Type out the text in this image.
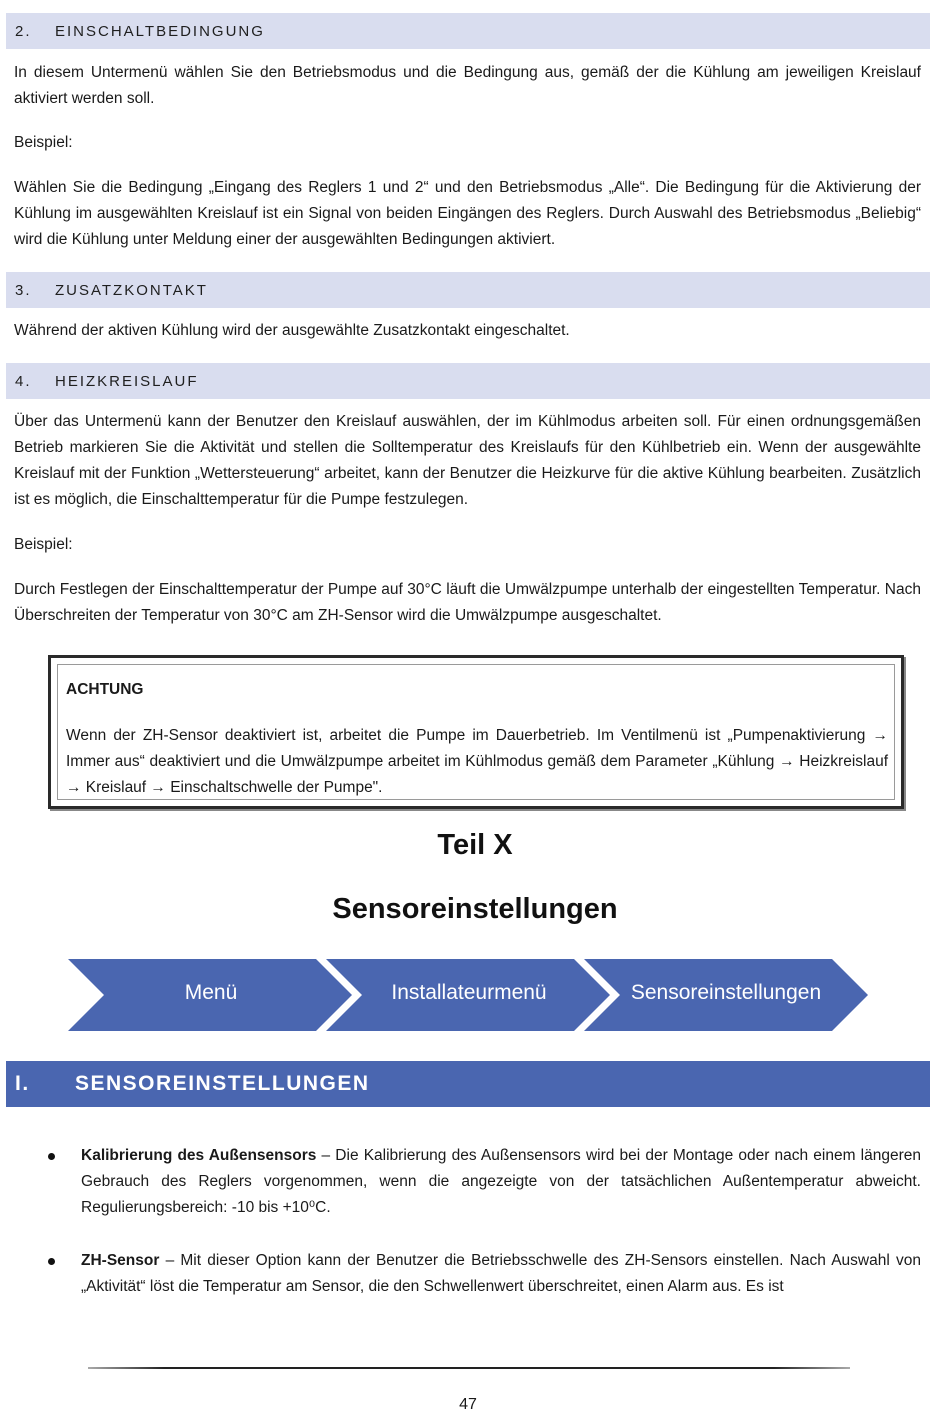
2.	EINSCHALTBEDINGUNG

In diesem Untermenü wählen Sie den Betriebsmodus und die Bedingung aus, gemäß der die Kühlung am jeweiligen Kreislauf aktiviert werden soll.

Beispiel:

Wählen Sie die Bedingung „Eingang des Reglers 1 und 2“ und den Betriebsmodus „Alle“. Die Bedingung für die Aktivierung der Kühlung im ausgewählten Kreislauf ist ein Signal von beiden Eingängen des Reglers. Durch Auswahl des Betriebsmodus „Beliebig“ wird die Kühlung unter Meldung einer der ausgewählten Bedingungen aktiviert.

3.	ZUSATZKONTAKT

Während der aktiven Kühlung wird der ausgewählte Zusatzkontakt eingeschaltet.

4.	HEIZKREISLAUF

Über das Untermenü kann der Benutzer den Kreislauf auswählen, der im Kühlmodus arbeiten soll. Für einen ordnungsgemäßen Betrieb markieren Sie die Aktivität und stellen die Solltemperatur des Kreislaufs für den Kühlbetrieb ein. Wenn der ausgewählte Kreislauf mit der Funktion „Wettersteuerung“ arbeitet, kann der Benutzer die Heizkurve für die aktive Kühlung bearbeiten. Zusätzlich ist es möglich, die Einschalttemperatur für die Pumpe festzulegen.

Beispiel:

Durch Festlegen der Einschalttemperatur der Pumpe auf 30°C läuft die Umwälzpumpe unterhalb der eingestellten Temperatur. Nach Überschreiten der Temperatur von 30°C am ZH-Sensor wird die Umwälzpumpe ausgeschaltet.

ACHTUNG

Wenn der ZH-Sensor deaktiviert ist, arbeitet die Pumpe im Dauerbetrieb. Im Ventilmenü ist „Pumpenaktivierung → Immer aus“ deaktiviert und die Umwälzpumpe arbeitet im Kühlmodus gemäß dem Parameter „Kühlung → Heizkreislauf → Kreislauf → Einschaltschwelle der Pumpe".

Teil X
Sensoreinstellungen
Menü	Installateurmenü	Sensoreinstellungen
I.	SENSOREINSTELLUNGEN

Kalibrierung des Außensensors – Die Kalibrierung des Außensensors wird bei der Montage oder nach einem längeren Gebrauch des Reglers vorgenommen, wenn die angezeigte von der tatsächlichen Außentemperatur abweicht. Regulierungsbereich: -10 bis +10⁰C.

ZH-Sensor – Mit dieser Option kann der Benutzer die Betriebsschwelle des ZH-Sensors einstellen. Nach Auswahl von „Aktivität“ löst die Temperatur am Sensor, die den Schwellenwert überschreitet, einen Alarm aus. Es ist

47
